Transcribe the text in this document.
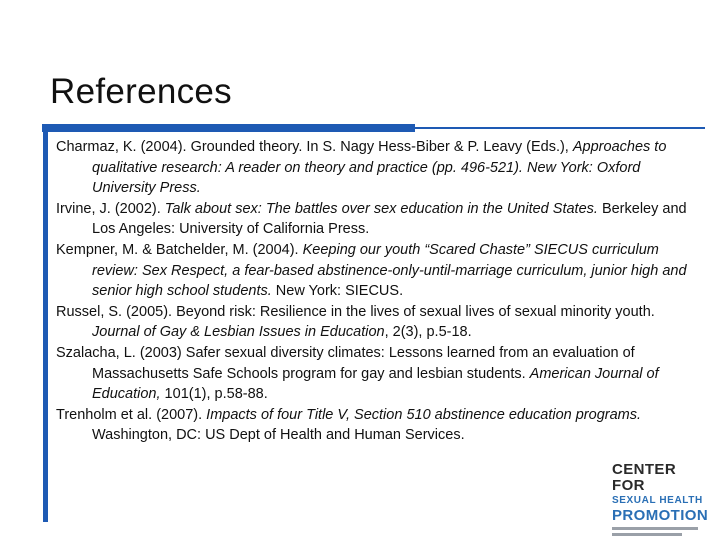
References
Charmaz, K. (2004). Grounded theory. In S. Nagy Hess-Biber & P. Leavy (Eds.), Approaches to qualitative research: A reader on theory and practice (pp. 496-521). New York: Oxford University Press.
Irvine, J. (2002). Talk about sex: The battles over sex education in the United States. Berkeley and Los Angeles: University of California Press.
Kempner, M. & Batchelder, M. (2004). Keeping our youth “Scared Chaste” SIECUS curriculum review: Sex Respect, a fear-based abstinence-only-until-marriage curriculum, junior high and senior high school students. New York: SIECUS.
Russel, S. (2005). Beyond risk: Resilience in the lives of sexual lives of sexual minority youth. Journal of Gay & Lesbian Issues in Education, 2(3), p.5-18.
Szalacha, L. (2003) Safer sexual diversity climates: Lessons learned from an evaluation of Massachusetts Safe Schools program for gay and lesbian students. American Journal of Education, 101(1), p.58-88.
Trenholm et al. (2007). Impacts of four Title V, Section 510 abstinence education programs. Washington, DC: US Dept of Health and Human Services.
CENTER FOR
SEXUAL HEALTH
PROMOTION
